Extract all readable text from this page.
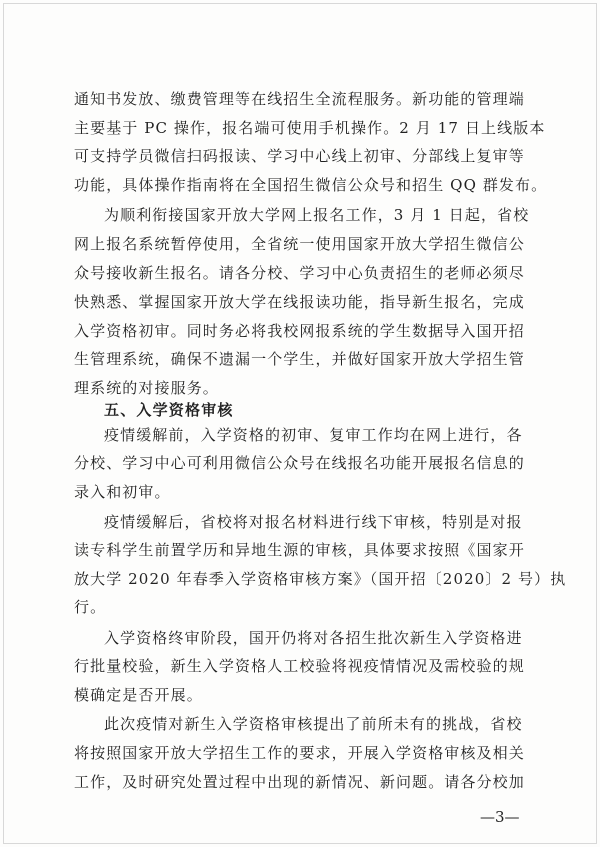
通知书发放、缴费管理等在线招生全流程服务。新功能的管理端
主要基于 PC 操作，报名端可使用手机操作。2 月 17 日上线版本
可支持学员微信扫码报读、学习中心线上初审、分部线上复审等
功能，具体操作指南将在全国招生微信公众号和招生 QQ 群发布。
为顺利衔接国家开放大学网上报名工作，3 月 1 日起，省校
网上报名系统暂停使用，全省统一使用国家开放大学招生微信公
众号接收新生报名。请各分校、学习中心负责招生的老师必须尽
快熟悉、掌握国家开放大学在线报读功能，指导新生报名，完成
入学资格初审。同时务必将我校网报系统的学生数据导入国开招
生管理系统，确保不遗漏一个学生，并做好国家开放大学招生管
理系统的对接服务。
五、入学资格审核
疫情缓解前，入学资格的初审、复审工作均在网上进行，各
分校、学习中心可利用微信公众号在线报名功能开展报名信息的
录入和初审。
疫情缓解后，省校将对报名材料进行线下审核，特别是对报
读专科学生前置学历和异地生源的审核，具体要求按照《国家开
放大学 2020 年春季入学资格审核方案》（国开招〔2020〕2 号）执
行。
入学资格终审阶段，国开仍将对各招生批次新生入学资格进
行批量校验，新生入学资格人工校验将视疫情情况及需校验的规
模确定是否开展。
此次疫情对新生入学资格审核提出了前所未有的挑战，省校
将按照国家开放大学招生工作的要求，开展入学资格审核及相关
工作，及时研究处置过程中出现的新情况、新问题。请各分校加
—3—
